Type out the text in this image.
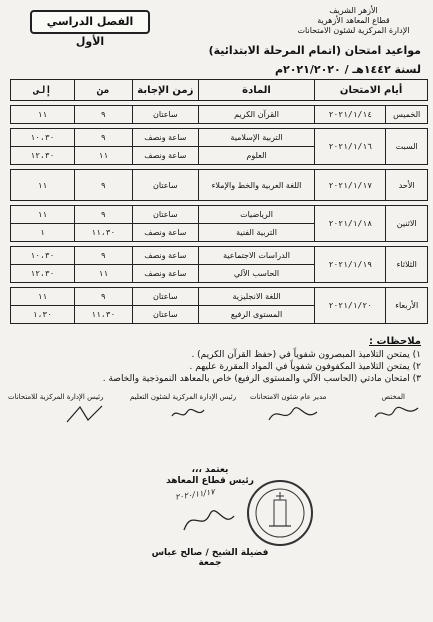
الفصل الدراسي الأول
الأزهر الشريف
قطاع المعاهد الأزهرية
الإدارة المركزية لشئون الامتحانات
مواعيد امتحان (اتمام المرحلة الابتدائية)
لسنة ١٤٤٢هـ / ٢٠٢١/٢٠٢٠م
أيام الامتحان		المادة	زمن الإجابة	من	إلى

الخميس	٢٠٢١/١/١٤	القرآن الكريم	ساعتان	٩	١١

السبت	٢٠٢١/١/١٦	التربية الإسلامية	ساعة ونصف	٩	١٠،٣٠
		العلوم	ساعة ونصف	١١	١٢،٣٠

الأحد	٢٠٢١/١/١٧	اللغة العربية والخط والإملاء	ساعتان	٩	١١

الاثنين	٢٠٢١/١/١٨	الرياضيات	ساعتان	٩	١١
		التربية الفنية	ساعة ونصف	١١،٣٠	١

الثلاثاء	٢٠٢١/١/١٩	الدراسات الاجتماعية	ساعة ونصف	٩	١٠،٣٠
		الحاسب الآلي	ساعة ونصف	١١	١٢،٣٠

الأربعاء	٢٠٢١/١/٢٠	اللغة الانجليزية	ساعتان	٩	١١
		المستوى الرفيع	ساعتان	١١،٣٠	١،٣٠
ملاحظات :
١) يمتحن التلاميذ المبصرون شفوياً في (حفظ القرآن الكريم) .
٢) يمتحن التلاميذ المكفوفون شفوياً في المواد المقررة عليهم .
٣) امتحان مادتي (الحاسب الآلي والمستوى الرفيع) خاص بالمعاهد النموذجية والخاصة .
المختص
مدير عام شئون الامتحانات
رئيس الإدارة المركزية لشئون التعليم
رئيس الإدارة المركزية للامتحانات
يعتمد ،،،
رئيس قطاع المعاهد
٢٠٢٠/١١/١٧
فضيلة الشيخ / صالح عباس جمعة
